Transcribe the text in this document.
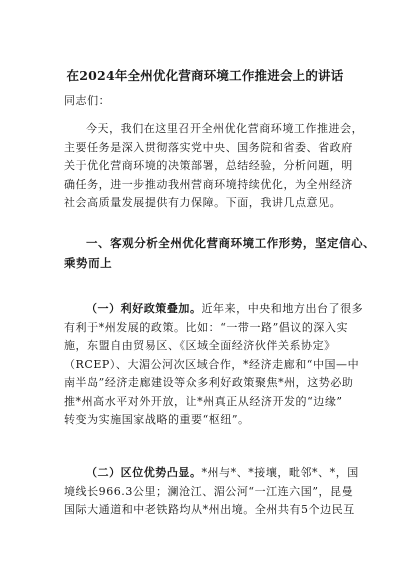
在2024年全州优化营商环境工作推进会上的讲话
同志们：
今天，我们在这里召开全州优化营商环境工作推进会，
主要任务是深入贯彻落实党中央、国务院和省委、省政府
关于优化营商环境的决策部署，总结经验，分析问题，明
确任务，进一步推动我州营商环境持续优化，为全州经济
社会高质量发展提供有力保障。下面，我讲几点意见。
一、客观分析全州优化营商环境工作形势，坚定信心、
乘势而上
（一）利好政策叠加。近年来，中央和地方出台了很多
有利于*州发展的政策。比如：“一带一路”倡议的深入实
施，东盟自由贸易区、《区域全面经济伙伴关系协定》
（RCEP）、大湄公河次区域合作，*经济走廊和“中国—中
南半岛”经济走廊建设等众多利好政策聚焦*州，这势必助
推*州高水平对外开放，让*州真正从经济开发的“边缘”
转变为实施国家战略的重要“枢纽”。
（二）区位优势凸显。*州与*、*接壤，毗邻*、*，国
境线长966.3公里；澜沧江、湄公河“一江连六国”，昆曼
国际大通道和中老铁路均从*州出境。全州共有5个边民互
